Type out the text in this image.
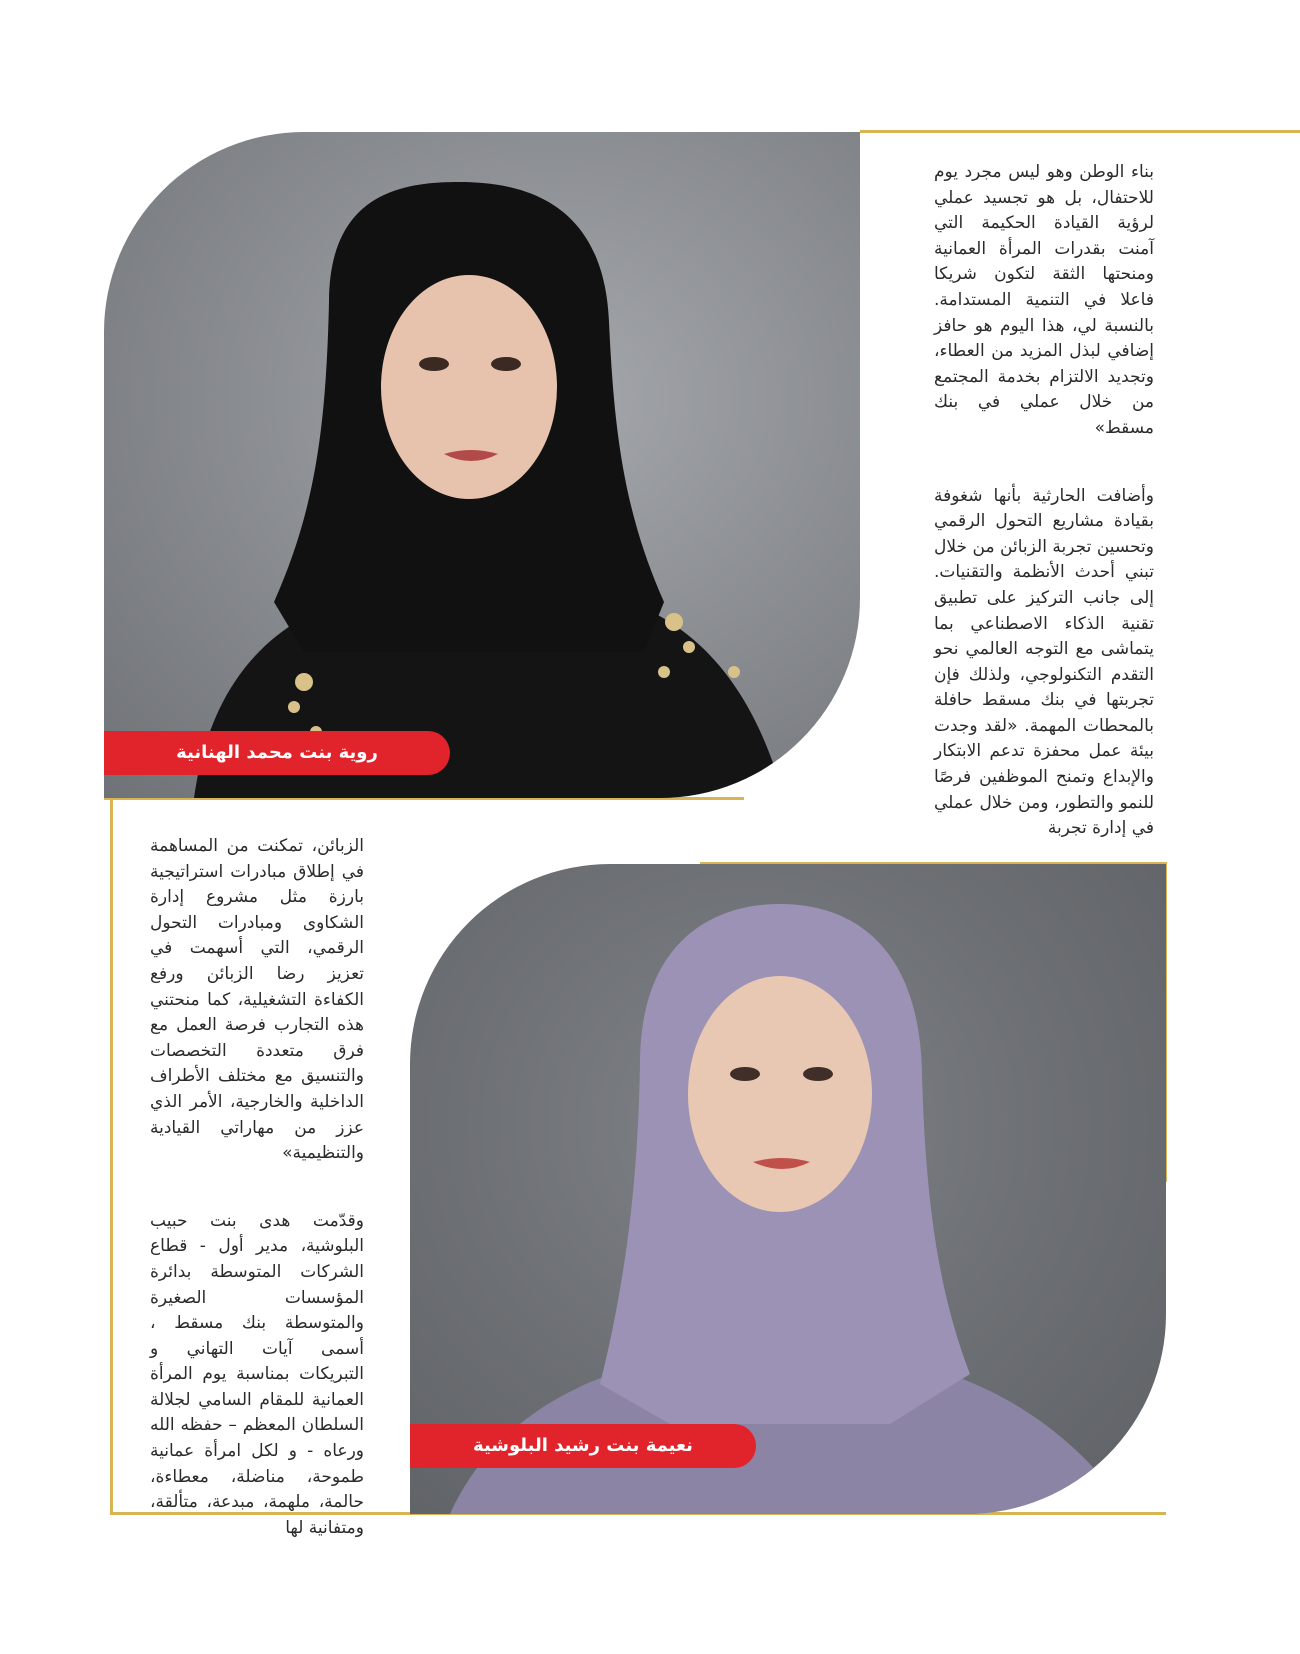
روية بنت محمد الهنانية
نعيمة بنت رشيد البلوشية

بناء الوطن وهو ليس مجرد يوم للاحتفال، بل هو تجسيد عملي لرؤية القيادة الحكيمة التي آمنت بقدرات المرأة العمانية ومنحتها الثقة لتكون شريكا فاعلا في التنمية المستدامة. بالنسبة لي، هذا اليوم هو حافز إضافي لبذل المزيد من العطاء، وتجديد الالتزام بخدمة المجتمع من خلال عملي في بنك مسقط»

وأضافت الحارثية بأنها شغوفة بقيادة مشاريع التحول الرقمي وتحسين تجربة الزبائن من خلال تبني أحدث الأنظمة والتقنيات. إلى جانب التركيز على تطبيق تقنية الذكاء الاصطناعي بما يتماشى مع التوجه العالمي نحو التقدم التكنولوجي، ولذلك فإن تجربتها في بنك مسقط حافلة بالمحطات المهمة. «لقد وجدت بيئة عمل محفزة تدعم الابتكار والإبداع وتمنح الموظفين فرصًا للنمو والتطور، ومن خلال عملي في إدارة تجربة

الزبائن، تمكنت من المساهمة في إطلاق مبادرات استراتيجية بارزة مثل مشروع إدارة الشكاوى ومبادرات التحول الرقمي، التي أسهمت في تعزيز رضا الزبائن ورفع الكفاءة التشغيلية، كما منحتني هذه التجارب فرصة العمل مع فرق متعددة التخصصات والتنسيق مع مختلف الأطراف الداخلية والخارجية، الأمر الذي عزز من مهاراتي القيادية والتنظيمية»

وقدّمت هدى بنت حبيب البلوشية، مدير أول - قطاع الشركات المتوسطة بدائرة المؤسسات الصغيرة والمتوسطة بنك مسقط ، أسمى آيات التهاني و التبريكات بمناسبة يوم المرأة العمانية للمقام السامي لجلالة السلطان المعظم – حفظه الله ورعاه - و لكل امرأة عمانية طموحة، مناضلة، معطاءة، حالمة، ملهمة، مبدعة، متألقة، ومتفانية لها
